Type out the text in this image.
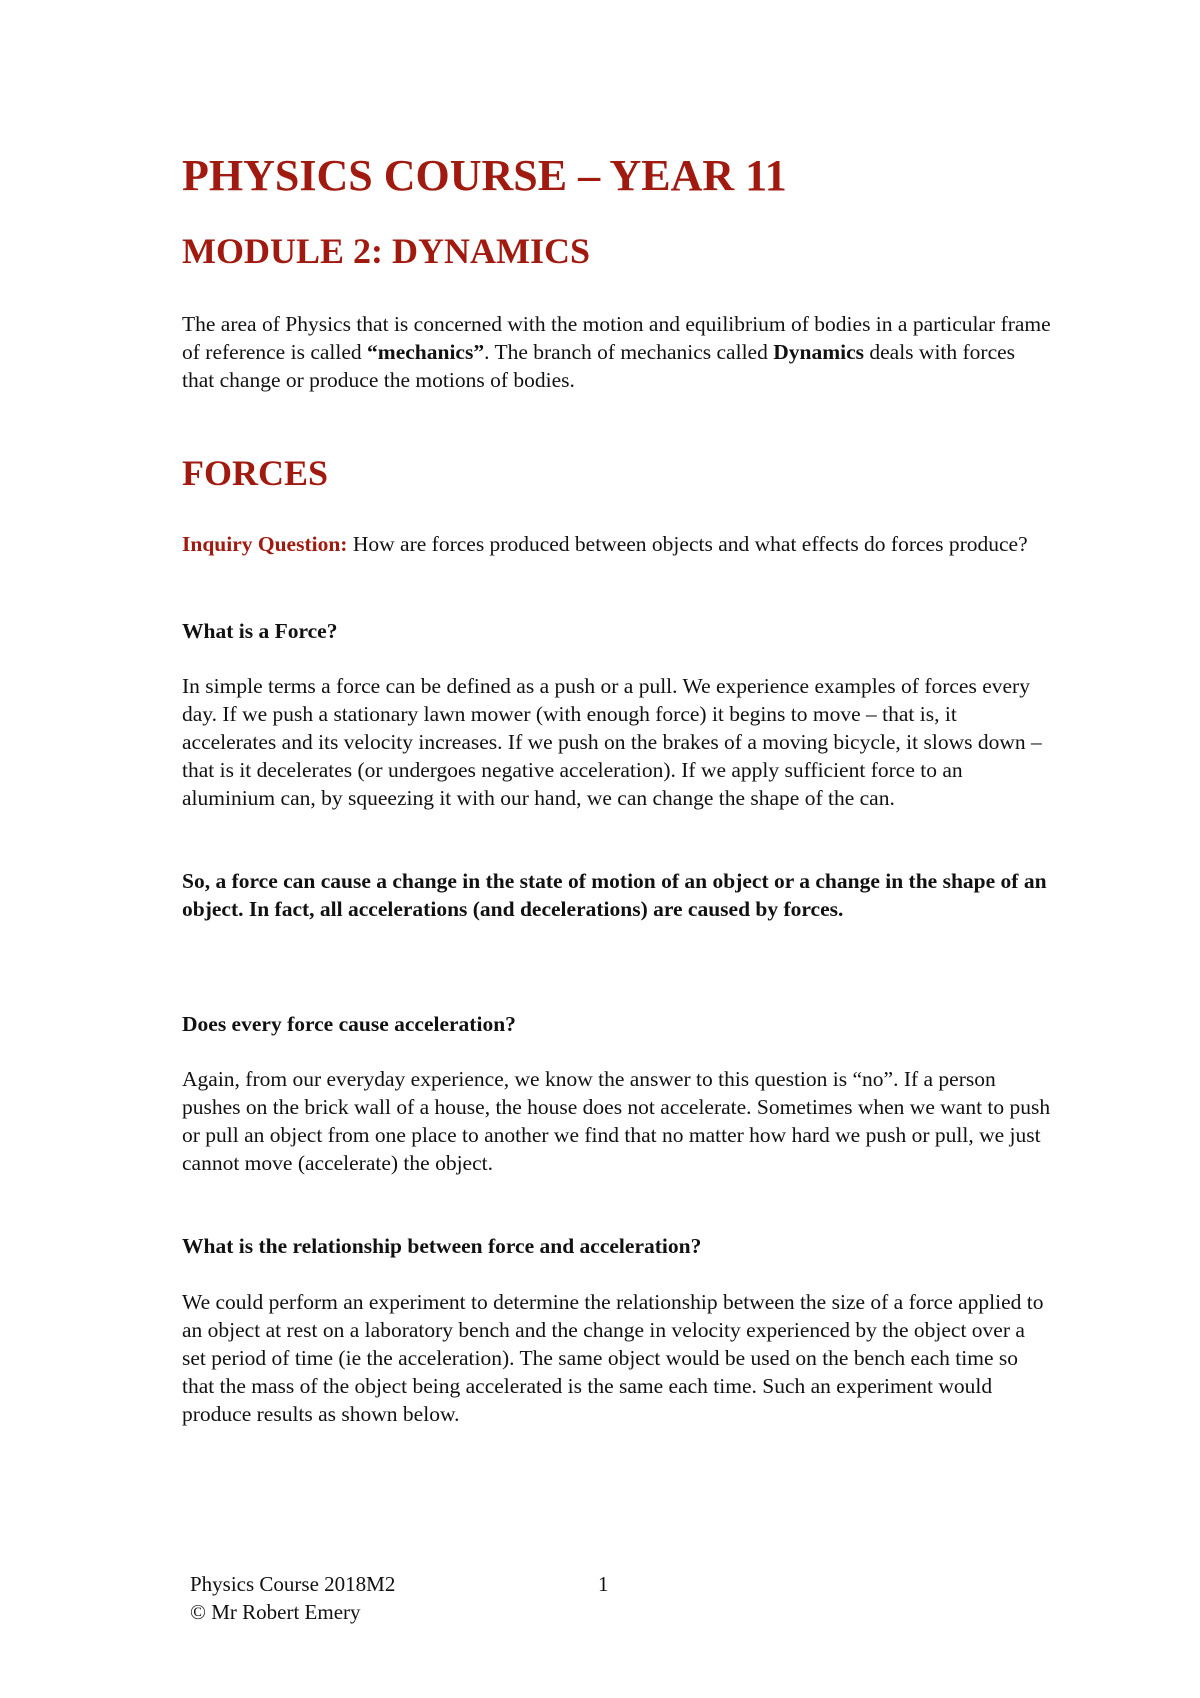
PHYSICS COURSE – YEAR 11
MODULE 2: DYNAMICS

The area of Physics that is concerned with the motion and equilibrium of bodies in a particular frame of reference is called “mechanics”. The branch of mechanics called Dynamics deals with forces that change or produce the motions of bodies.

FORCES

Inquiry Question: How are forces produced between objects and what effects do forces produce?

What is a Force?

In simple terms a force can be defined as a push or a pull. We experience examples of forces every day. If we push a stationary lawn mower (with enough force) it begins to move – that is, it accelerates and its velocity increases. If we push on the brakes of a moving bicycle, it slows down – that is it decelerates (or undergoes negative acceleration). If we apply sufficient force to an aluminium can, by squeezing it with our hand, we can change the shape of the can.

So, a force can cause a change in the state of motion of an object or a change in the shape of an object. In fact, all accelerations (and decelerations) are caused by forces.

Does every force cause acceleration?

Again, from our everyday experience, we know the answer to this question is “no”. If a person pushes on the brick wall of a house, the house does not accelerate. Sometimes when we want to push or pull an object from one place to another we find that no matter how hard we push or pull, we just cannot move (accelerate) the object.

What is the relationship between force and acceleration?

We could perform an experiment to determine the relationship between the size of a force applied to an object at rest on a laboratory bench and the change in velocity experienced by the object over a set period of time (ie the acceleration). The same object would be used on the bench each time so that the mass of the object being accelerated is the same each time. Such an experiment would produce results as shown below.

Physics Course 2018M2
© Mr Robert Emery
1
